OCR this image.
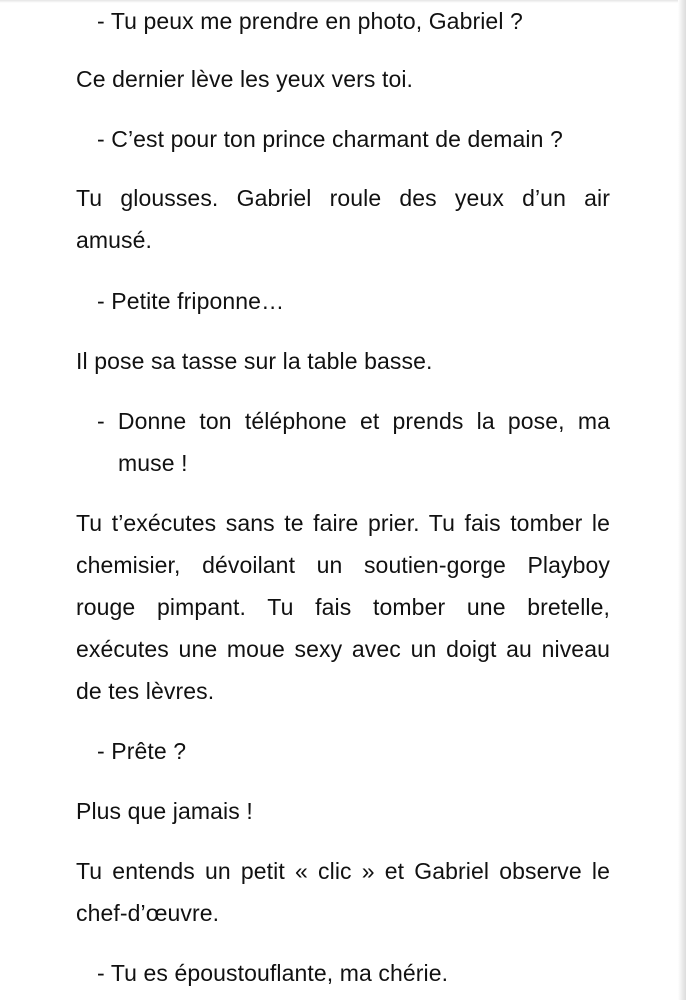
- Tu peux me prendre en photo, Gabriel ?

Ce dernier lève les yeux vers toi.

- C’est pour ton prince charmant de demain ?

Tu glousses. Gabriel roule des yeux d’un air amusé.

- Petite friponne…

Il pose sa tasse sur la table basse.

- Donne ton téléphone et prends la pose, ma muse !

Tu t’exécutes sans te faire prier. Tu fais tomber le chemisier, dévoilant un soutien-gorge Playboy rouge pimpant. Tu fais tomber une bretelle, exécutes une moue sexy avec un doigt au niveau de tes lèvres.

- Prête ?

Plus que jamais !

Tu entends un petit « clic » et Gabriel observe le chef-d’œuvre.

- Tu es époustouflante, ma chérie.
